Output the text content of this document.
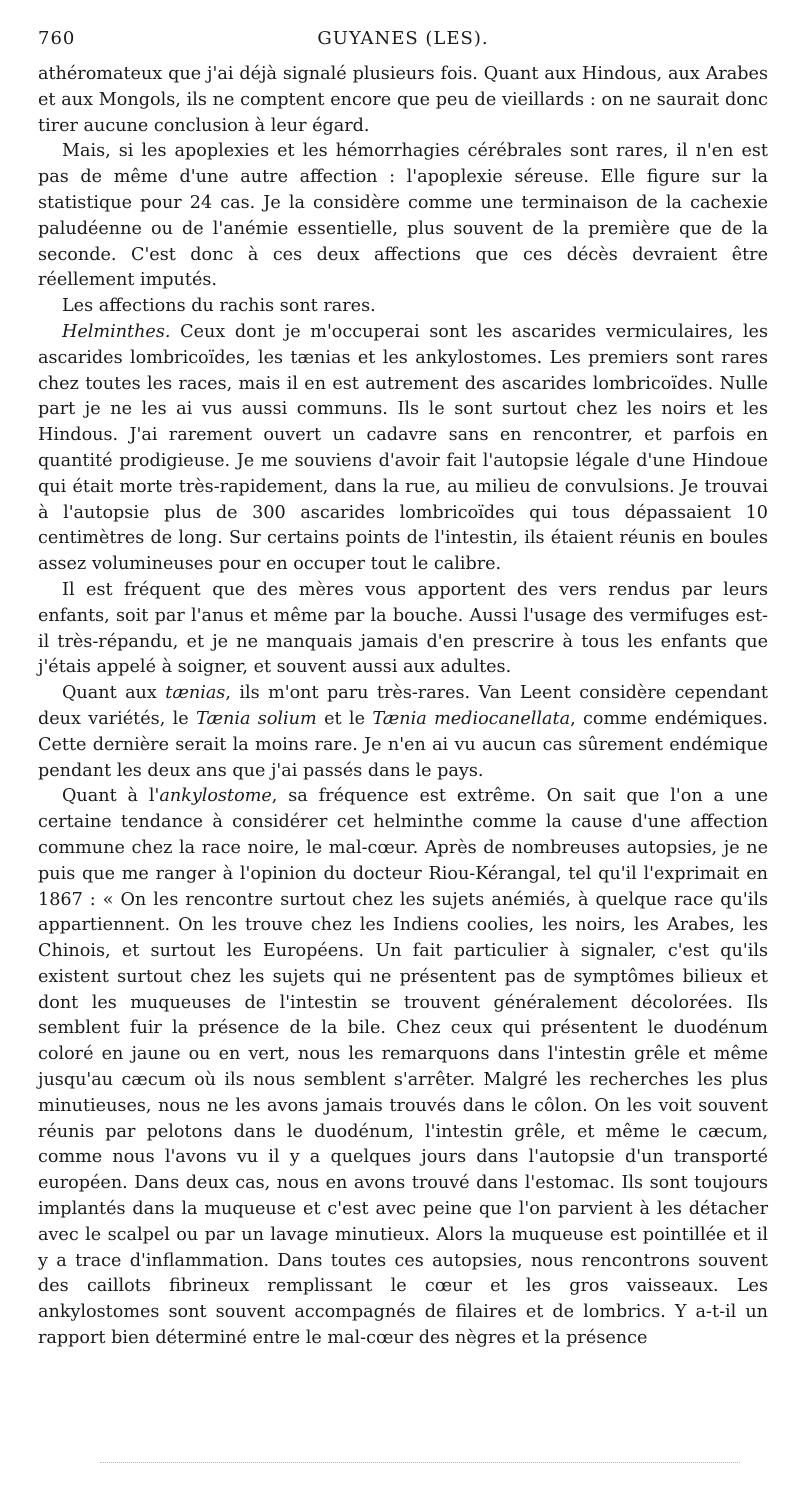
760	GUYANES (LES).

athéromateux que j'ai déjà signalé plusieurs fois. Quant aux Hindous, aux Arabes et aux Mongols, ils ne comptent encore que peu de vieillards : on ne saurait donc tirer aucune conclusion à leur égard.

Mais, si les apoplexies et les hémorrhagies cérébrales sont rares, il n'en est pas de même d'une autre affection : l'apoplexie séreuse. Elle figure sur la statistique pour 24 cas. Je la considère comme une terminaison de la cachexie paludéenne ou de l'anémie essentielle, plus souvent de la première que de la seconde. C'est donc à ces deux affections que ces décès devraient être réellement imputés.

Les affections du rachis sont rares.

Helminthes. Ceux dont je m'occuperai sont les ascarides vermiculaires, les ascarides lombricoïdes, les tænias et les ankylostomes. Les premiers sont rares chez toutes les races, mais il en est autrement des ascarides lombricoïdes. Nulle part je ne les ai vus aussi communs. Ils le sont surtout chez les noirs et les Hindous. J'ai rarement ouvert un cadavre sans en rencontrer, et parfois en quantité prodigieuse. Je me souviens d'avoir fait l'autopsie légale d'une Hindoue qui était morte très-rapidement, dans la rue, au milieu de convulsions. Je trouvai à l'autopsie plus de 300 ascarides lombricoïdes qui tous dépassaient 10 centimètres de long. Sur certains points de l'intestin, ils étaient réunis en boules assez volumineuses pour en occuper tout le calibre.

Il est fréquent que des mères vous apportent des vers rendus par leurs enfants, soit par l'anus et même par la bouche. Aussi l'usage des vermifuges est-il très-répandu, et je ne manquais jamais d'en prescrire à tous les enfants que j'étais appelé à soigner, et souvent aussi aux adultes.

Quant aux tænias, ils m'ont paru très-rares. Van Leent considère cependant deux variétés, le Tænia solium et le Tænia mediocanellata, comme endémiques. Cette dernière serait la moins rare. Je n'en ai vu aucun cas sûrement endémique pendant les deux ans que j'ai passés dans le pays.

Quant à l'ankylostome, sa fréquence est extrême. On sait que l'on a une certaine tendance à considérer cet helminthe comme la cause d'une affection commune chez la race noire, le mal-cœur. Après de nombreuses autopsies, je ne puis que me ranger à l'opinion du docteur Riou-Kérangal, tel qu'il l'exprimait en 1867 : « On les rencontre surtout chez les sujets anémiés, à quelque race qu'ils appartiennent. On les trouve chez les Indiens coolies, les noirs, les Arabes, les Chinois, et surtout les Européens. Un fait particulier à signaler, c'est qu'ils existent surtout chez les sujets qui ne présentent pas de symptômes bilieux et dont les muqueuses de l'intestin se trouvent généralement décolorées. Ils semblent fuir la présence de la bile. Chez ceux qui présentent le duodénum coloré en jaune ou en vert, nous les remarquons dans l'intestin grêle et même jusqu'au cæcum où ils nous semblent s'arrêter. Malgré les recherches les plus minutieuses, nous ne les avons jamais trouvés dans le côlon. On les voit souvent réunis par pelotons dans le duodénum, l'intestin grêle, et même le cæcum, comme nous l'avons vu il y a quelques jours dans l'autopsie d'un transporté européen. Dans deux cas, nous en avons trouvé dans l'estomac. Ils sont toujours implantés dans la muqueuse et c'est avec peine que l'on parvient à les détacher avec le scalpel ou par un lavage minutieux. Alors la muqueuse est pointillée et il y a trace d'inflammation. Dans toutes ces autopsies, nous rencontrons souvent des caillots fibrineux remplissant le cœur et les gros vaisseaux. Les ankylostomes sont souvent accompagnés de filaires et de lombrics. Y a-t-il un rapport bien déterminé entre le mal-cœur des nègres et la présence
